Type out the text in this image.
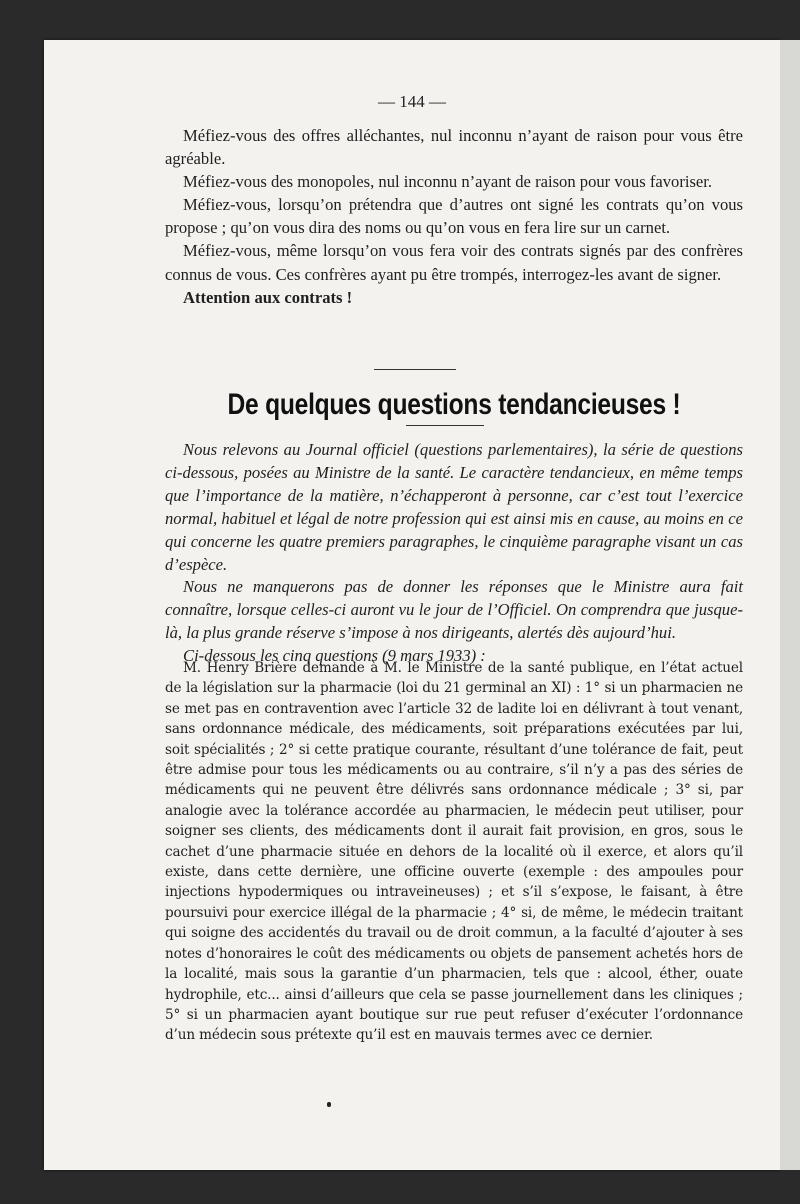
— 144 —

Méfiez-vous des offres alléchantes, nul inconnu n’ayant de raison pour vous être agréable.

Méfiez-vous des monopoles, nul inconnu n’ayant de raison pour vous favoriser.

Méfiez-vous, lorsqu’on prétendra que d’autres ont signé les contrats qu’on vous propose ; qu’on vous dira des noms ou qu’on vous en fera lire sur un carnet.

Méfiez-vous, même lorsqu’on vous fera voir des contrats signés par des confrères connus de vous. Ces confrères ayant pu être trompés, interrogez-les avant de signer.

Attention aux contrats !

De quelques questions tendancieuses !

Nous relevons au Journal officiel (questions parlementaires), la série de questions ci-dessous, posées au Ministre de la santé. Le caractère tendancieux, en même temps que l’importance de la matière, n’échapperont à personne, car c’est tout l’exercice normal, habituel et légal de notre profession qui est ainsi mis en cause, au moins en ce qui concerne les quatre premiers paragraphes, le cinquième paragraphe visant un cas d’espèce.

Nous ne manquerons pas de donner les réponses que le Ministre aura fait connaître, lorsque celles-ci auront vu le jour de l’Officiel. On comprendra que jusque-là, la plus grande réserve s’impose à nos dirigeants, alertés dès aujourd’hui.

Ci-dessous les cinq questions (9 mars 1933) :

M. Henry Brière demande à M. le Ministre de la santé publique, en l’état actuel de la législation sur la pharmacie (loi du 21 germinal an XI) : 1° si un pharmacien ne se met pas en contravention avec l’article 32 de ladite loi en délivrant à tout venant, sans ordonnance médicale, des médicaments, soit préparations exécutées par lui, soit spécialités ; 2° si cette pratique courante, résultant d’une tolérance de fait, peut être admise pour tous les médicaments ou au contraire, s’il n’y a pas des séries de médicaments qui ne peuvent être délivrés sans ordonnance médicale ; 3° si, par analogie avec la tolérance accordée au pharmacien, le médecin peut utiliser, pour soigner ses clients, des médicaments dont il aurait fait provision, en gros, sous le cachet d’une pharmacie située en dehors de la localité où il exerce, et alors qu’il existe, dans cette dernière, une officine ouverte (exemple : des ampoules pour injections hypodermiques ou intraveineuses) ; et s’il s’expose, le faisant, à être poursuivi pour exercice illégal de la pharmacie ; 4° si, de même, le médecin traitant qui soigne des accidentés du travail ou de droit commun, a la faculté d’ajouter à ses notes d’honoraires le coût des médicaments ou objets de pansement achetés hors de la localité, mais sous la garantie d’un pharmacien, tels que : alcool, éther, ouate hydrophile, etc... ainsi d’ailleurs que cela se passe journellement dans les cliniques ; 5° si un pharmacien ayant boutique sur rue peut refuser d’exécuter l’ordonnance d’un médecin sous prétexte qu’il est en mauvais termes avec ce dernier.
